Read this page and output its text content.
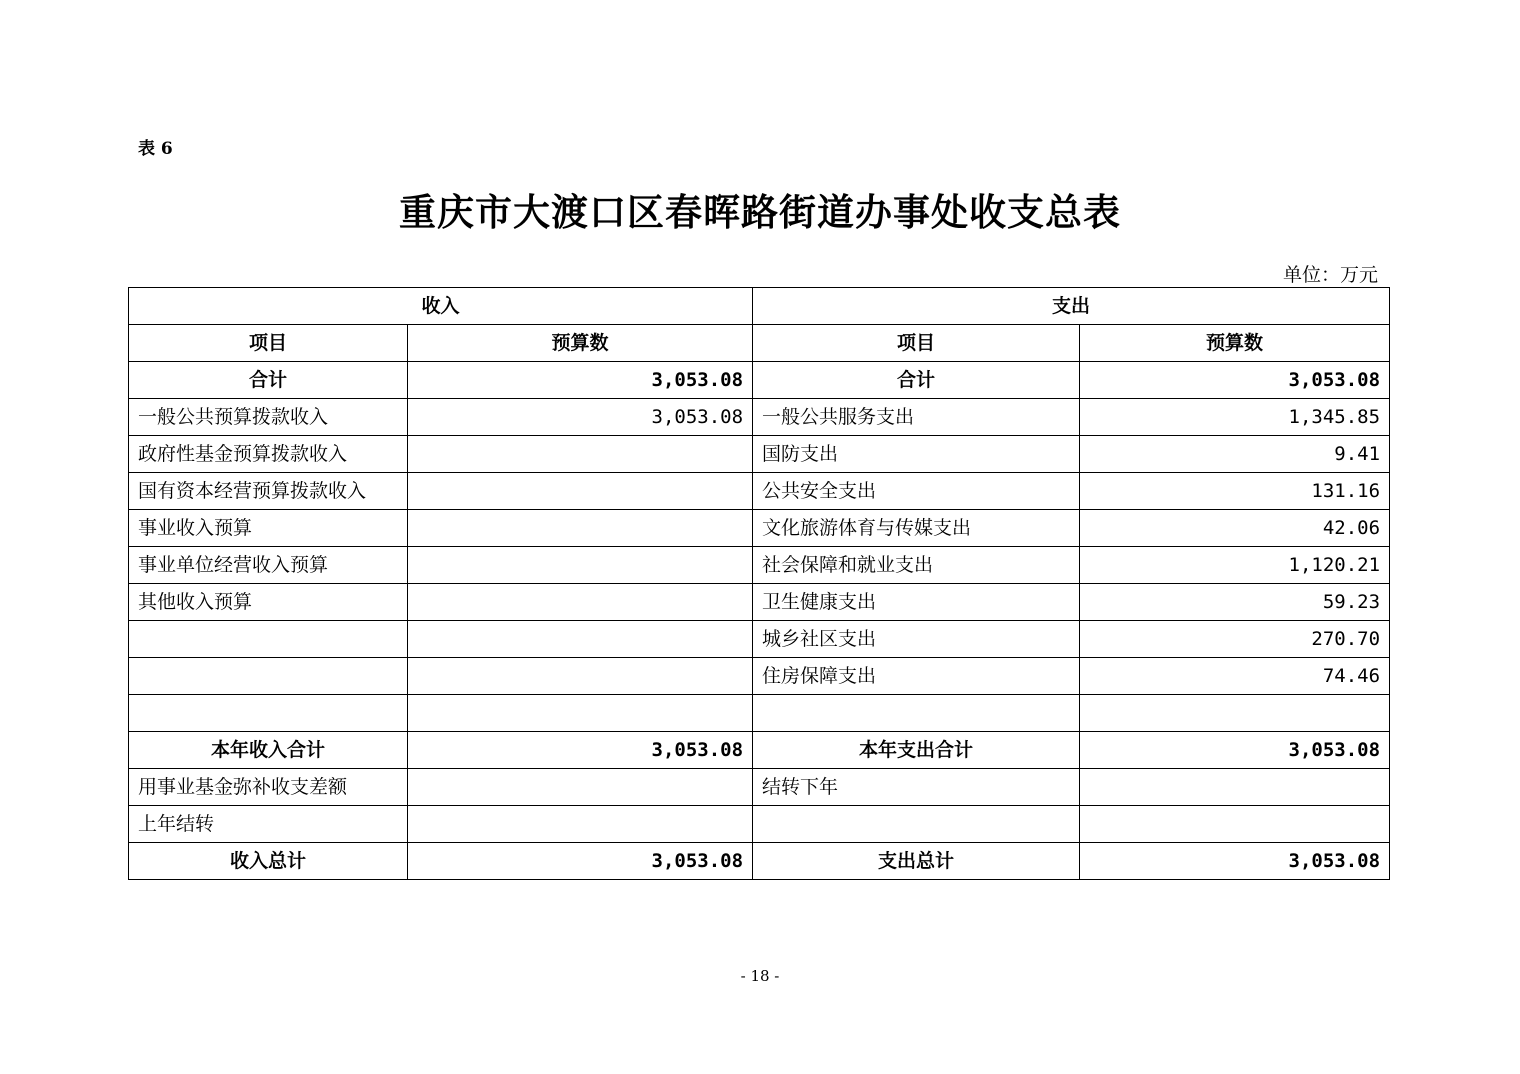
表 6
重庆市大渡口区春晖路街道办事处收支总表
单位：万元
收入		支出	
项目	预算数	项目	预算数
合计	3,053.08	合计	3,053.08
一般公共预算拨款收入	3,053.08	一般公共服务支出	1,345.85
政府性基金预算拨款收入		国防支出	9.41
国有资本经营预算拨款收入		公共安全支出	131.16
事业收入预算		文化旅游体育与传媒支出	42.06
事业单位经营收入预算		社会保障和就业支出	1,120.21
其他收入预算		卫生健康支出	59.23
		城乡社区支出	270.70
		住房保障支出	74.46

本年收入合计	3,053.08	本年支出合计	3,053.08
用事业基金弥补收支差额		结转下年	
上年结转			
收入总计	3,053.08	支出总计	3,053.08
- 18 -
